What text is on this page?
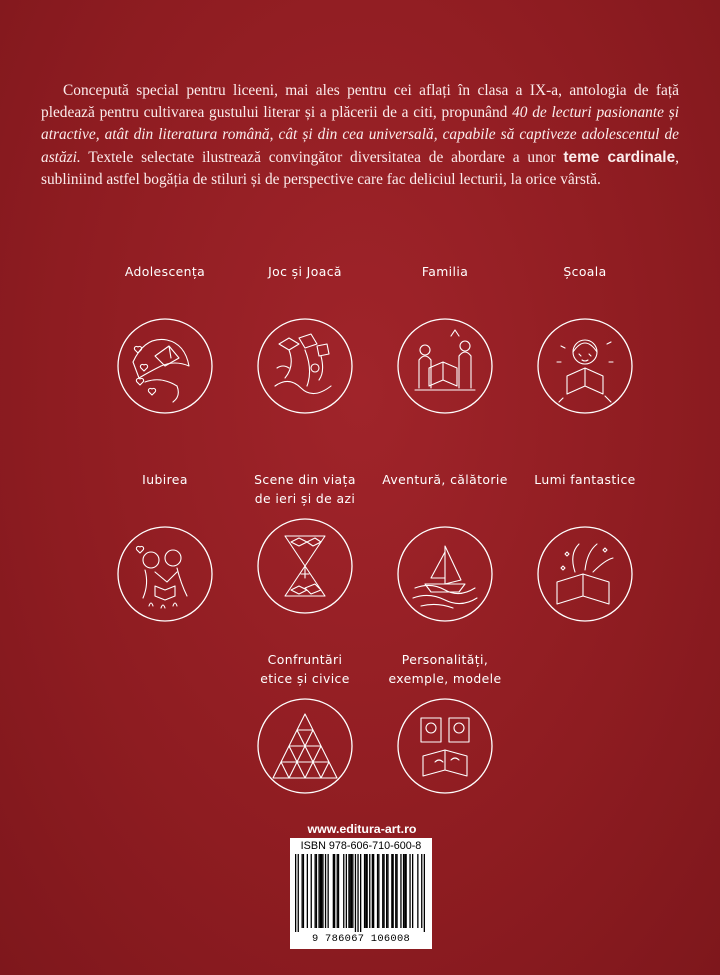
Concepută special pentru liceeni, mai ales pentru cei aflați în clasa a IX-a, antologia de față pledează pentru cultivarea gustului literar și a plăcerii de a citi, propunând 40 de lecturi pasionante și atractive, atât din literatura română, cât și din cea universală, capabile să captiveze adolescentul de astăzi. Textele selectate ilustrează convingător diversitatea de abordare a unor teme cardinale, subliniind astfel bogăția de stiluri și de perspective care fac deliciul lecturii, la orice vârstă.

Adolescența	Joc și Joacă	Familia	Școala
Iubirea	Scene din viața
de ieri și de azi
Aventură, călătorie	Lumi fantastice
Confruntări
etice și civice
Personalități,
exemple, modele
www.editura-art.ro
ISBN 978-606-710-600-8
9 786067 106008
